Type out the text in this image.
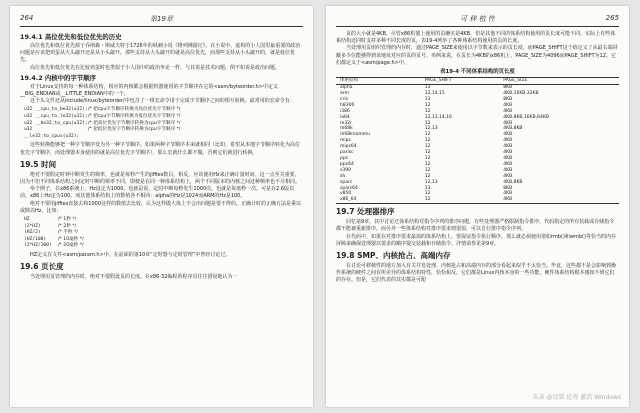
264	第19章
19.4.1 高位优先和低位优先的历史

高位优先和低位优先源于乔纳森・斯威夫特于1726年的讽刺小说《格列佛游记》。在小说中，虚构的小人国里最重要的政治问题是应该把鸡蛋从大头敲开还是从小头敲开。那些支持从大头敲开的就是高位优先，而那些支持从小头敲开的，就是低位优先。

高位优先和低位优先在比较鸡蛋时也类似于小人国中的政治争论一样。与其说是技术问题，倒不如说是政治问题。

19.4.2 内核中的字节顺序

对于Linux支持的每一种体系结构，相应的内核都会根据机器使用的字节顺序在它的<asm/byteorder.h>中定义__BIG_ENDIAN或__LITTLE_ENDIAN中的一个。

这个头文件还从include/linux/byteorder/中包含了一组宏命令用于完成字节顺序之间的相互转换。最常用的宏命令有：

u32 __cpu_to_be32(u32); /* 把cpu字节顺序转换为高位优先字节顺序 */
u32 __cpu_to_le32(u32); /* 把cpu字节顺序转换为低位优先字节顺序 */
u32 __be32_to_cpu(u32); /* 把高位优先字节顺序转换为cpu字节顺序 */
u32 __le32_to_cpus(u32);
/* 把低位优先字节顺序转换为cpu字节顺序 */

这些转换能够把一种字节顺序变为另一种字节顺序。如果两种字节顺序本来就相同（比如，希望从本地字节顺序转化为高位优先字节顺序，而处理器本身使用的就是高位优先字节顺序），那么宏就什么都不做，否则它们就进行转换。

19.5 时间

绝对不要假定时钟中断发生的频率，也就是每秒产生的jiffies数目。相反，应该使用Hz来正确计量时间。这一点至关重要，因为不但不同体系结构之间定时中断的频率不同，即便是在同一种体系结构上，两个不同版本的内核之间这种频率也不尽相同。

举个例子，在x86系统上，Hz设定为1000，也就是说，定时中断每秒发生1000次，也就是每毫秒一次。可是在2.6版以前，x86上Hz定为100。而其他体系结构上的数值各不相同：alpha的Hz是1024而ARM的Hz是100。

绝对不要用jiffies直接去和1000这样的数值去比较，认为这样做大体上不会出问题是要不得的。正确计时的正确方法是乘以或除以Hz。比如：

HZ	/* 1秒 */
(2*HZ)	/* 2秒 */
(HZ/2)	/* 半秒 */
(HZ/100)	/* 10毫秒 */
(2*HZ/100)	/* 20毫秒 */

HZ定义在文件<asm/param.h>中。在前面的第10章“定时器与定时管理”中曾经讨论过。

19.6 页长度

当处理用页管理的内存时，绝对不要假设页的长度。在x86-32编程的程序员往往错误地认为一

可 移 植 性	265

页的大小就是4KB。尽管x86机器上使用的页确实是4KB，但是其他不同的体系结构使用的页长度可能不同。实际上有些体系结构还同时支持多种不同长度的页，表19-4列举了各种体系结构使用的页的长度。

当处理用页组织管理的内存时，通过PAGE_SIZE来使用以字节数来表示的页长度，而PAGE_SHIFT这个值定义了从最右端屏蔽多少位能够得到该地址对应的页的页号。举例来说，在页长为4KB的x86机上，PAGE_SIZE为4096而PAGE_SHIFT为12。它们都定义于<asm/page.h>中。

表19-4 不同体系结构的页长度
体系结构	PAGE_SHIFT	PAGE_SIZE
alpha	13	8KB
arm	12,14,15	4KB,16KB,32KB
cris	13	8KB
h8300	12	4KB
i386	12	4KB
ia64	12,13,14,16	4KB,8KB,16KB,64KB
m32r	12	4KB
m68k	12,13	4KB,8KB
m68knommu	12	4KB
mips	12	4KB
mips64	12	4KB
parisc	12	4KB
ppc	12	4KB
ppc64	12	4KB
s390	12	4KB
sh	12	4KB
sparc	12,13	4KB,8KB
sparc64	13	8KB
v850	12	4KB
x86_64	12	4KB
19.7 处理器排序

回忆第9章，其中讨论过体系结构对指令序列的排序问题。有些处理器严格限制指令排序，代码指定的所有装载或存储指令都不能被重新排序，而另外一些体系结构对排序要求则很弱，可以自行排序指令序列。

在代码中，如果在对排序要求最弱的体系结构上，要保证指令执行顺序，那么就必须使用诸如rmb()和wmb()等恰当的内存屏障来确保处理器以要求的顺序提交装载和存储指令。详情请参见第9章。

19.8 SMP、内核抢占、高端内存

在讨论可移植性的地方加入有关并发处理、内核抢占和高端内存的部分看起来似乎不太恰当。毕竟，这些都不是会影响到操作系统的硬件之间有所差异的体系结构特性，恰恰相反，它们都是Linux内核本身的一些功能，硬件体系结构根本感知不到它们的存在。但是，它们代表的其实都是可配

头条 @设置 论观 激活 Windows
